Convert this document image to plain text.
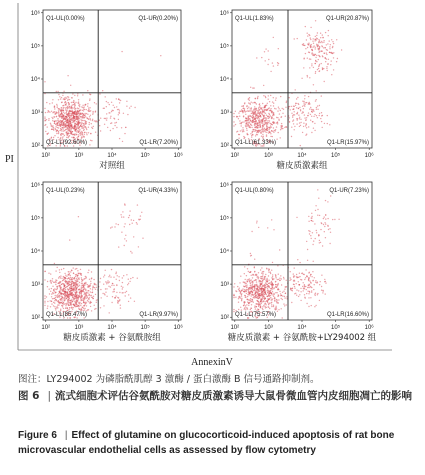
Q1-UL(0.00%)	Q1-UR(0.20%)
Q1-LL(92.60%)	Q1-LR(7.20%)
10²	10³	10⁴	10⁵	10⁶
10²
10³
10⁴
10⁵
10⁶
对照组
Q1-UL(1.83%)	Q1-UR(20.87%)
Q1-LL(61.33%)	Q1-LR(15.97%)
10²	10³	10⁴	10⁵	10⁶
10²
10³
10⁴
10⁵
10⁶
糖皮质激素组
Q1-UL(0.23%)	Q1-UR(4.33%)
Q1-LL(85.47%)	Q1-LR(9.97%)
10²	10³	10⁴	10⁵	10⁶
10²
10³
10⁴
10⁵
10⁶
糖皮质激素 + 谷氨酰胺组
Q1-UL(0.80%)	Q1-UR(7.23%)
Q1-LL(75.57%)	Q1-LR(16.60%)
10²	10³	10⁴	10⁵	10⁶
10²
10³
10⁴
10⁵
10⁶
糖皮质激素 + 谷氨酰胺+LY294002 组
PI
AnnexinV
图注：LY294002 为磷脂酰肌醇 3 激酶 / 蛋白激酶 B 信号通路抑制剂。
图 6 | 流式细胞术评估谷氨酰胺对糖皮质激素诱导大鼠骨微血管内皮细胞凋亡的影响
Figure 6 | Effect of glutamine on glucocorticoid-induced apoptosis of rat bone microvascular endothelial cells as assessed by flow cytometry
